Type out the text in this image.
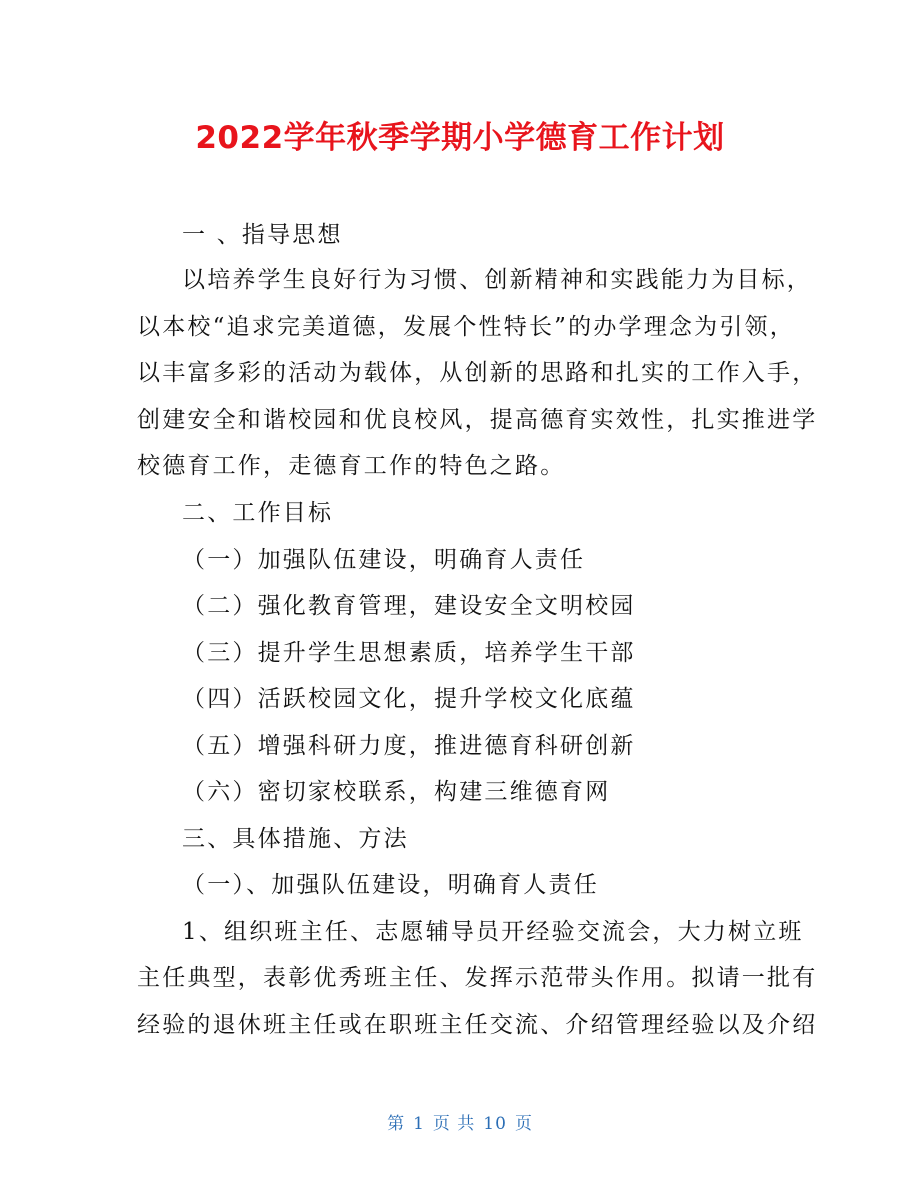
2022学年秋季学期小学德育工作计划
一 、指导思想
以培养学生良好行为习惯、创新精神和实践能力为目标，
以本校“追求完美道德，发展个性特长”的办学理念为引领，
以丰富多彩的活动为载体，从创新的思路和扎实的工作入手，
创建安全和谐校园和优良校风，提高德育实效性，扎实推进学
校德育工作，走德育工作的特色之路。
二、工作目标
（一）加强队伍建设，明确育人责任
（二）强化教育管理，建设安全文明校园
（三）提升学生思想素质，培养学生干部
（四）活跃校园文化，提升学校文化底蕴
（五）增强科研力度，推进德育科研创新
（六）密切家校联系，构建三维德育网
三、具体措施、方法
（一）、加强队伍建设，明确育人责任
1、组织班主任、志愿辅导员开经验交流会，大力树立班
主任典型，表彰优秀班主任、发挥示范带头作用。拟请一批有
经验的退休班主任或在职班主任交流、介绍管理经验以及介绍
第 1 页 共 10 页
